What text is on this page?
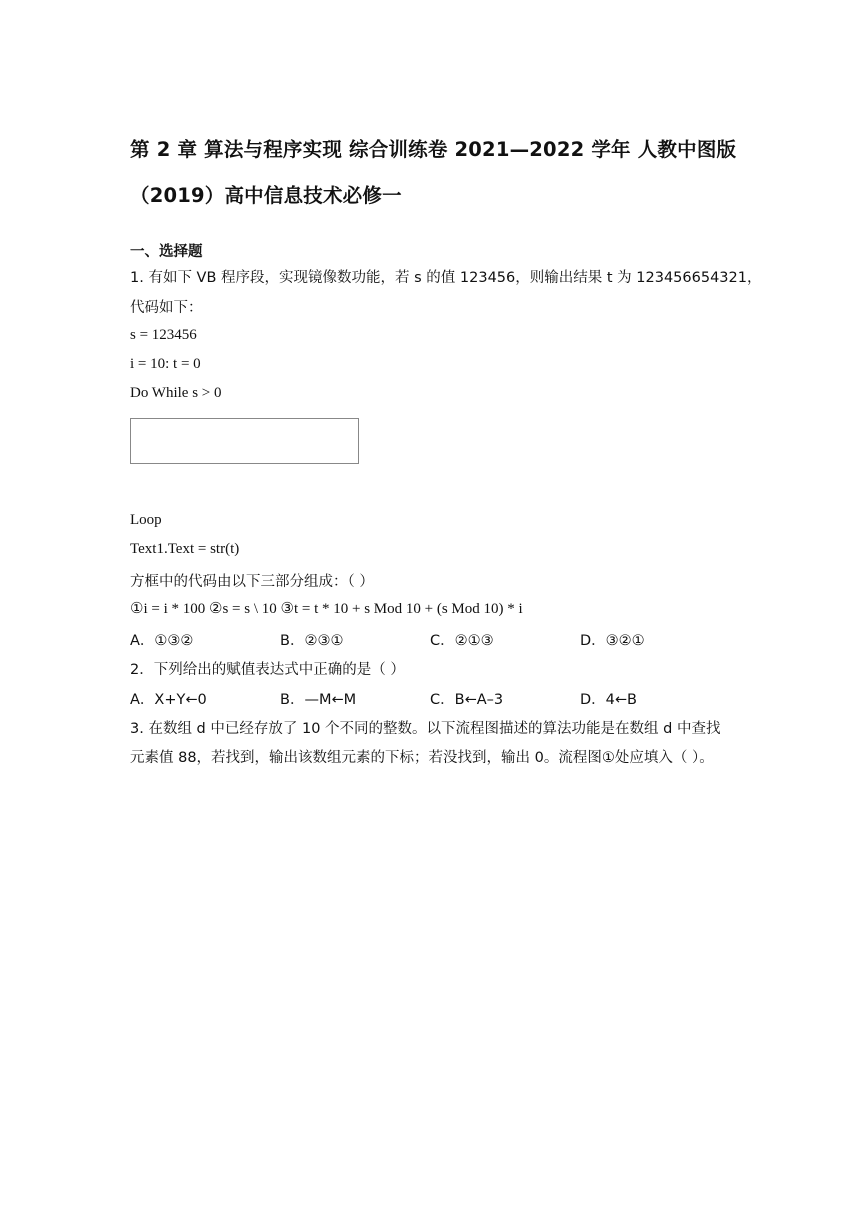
第 2 章 算法与程序实现 综合训练卷 2021—2022 学年 人教中图版
（2019）高中信息技术必修一
一、选择题
1. 有如下 VB 程序段，实现镜像数功能，若 s 的值 123456，则输出结果 t 为 123456654321，
代码如下：
s = 123456
i = 10: t = 0
Do While s > 0
Loop
Text1.Text = str(t)
方框中的代码由以下三部分组成：（ ）
①i = i * 100 ②s = s \ 10 ③t = t * 10 + s Mod 10 + (s Mod 10) * i
A．①③②	B．②③①	C．②①③	D．③②①
2．下列给出的赋值表达式中正确的是（ ）
A．X+Y←0	B．—M←M	C．B←A–3	D．4←B
3. 在数组 d 中已经存放了 10 个不同的整数。以下流程图描述的算法功能是在数组 d 中查找
元素值 88，若找到，输出该数组元素的下标；若没找到，输出 0。流程图①处应填入（ ）。
